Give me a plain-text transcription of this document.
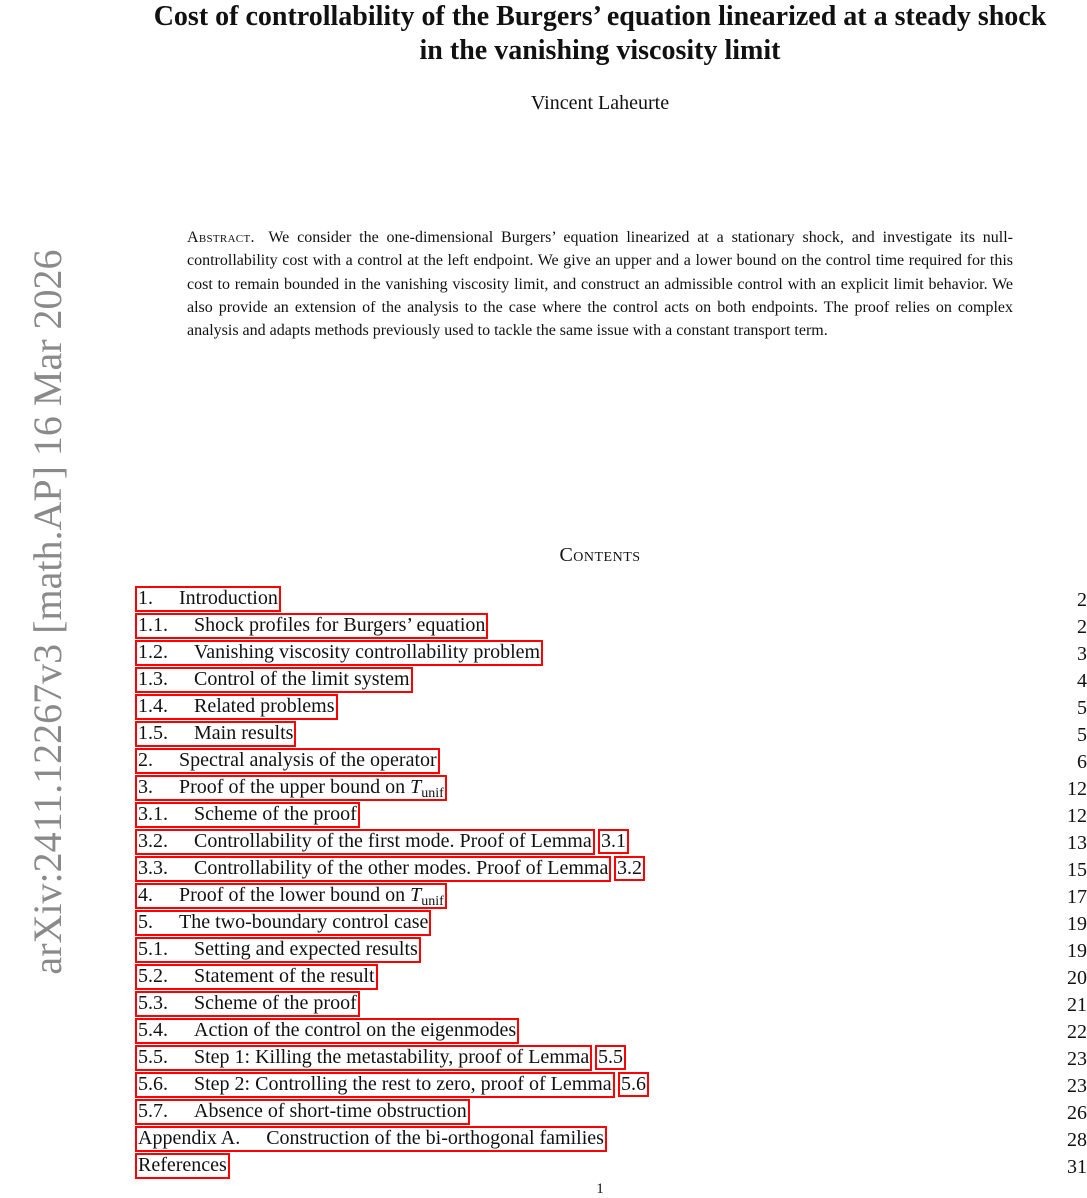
arXiv:2411.12267v3 [math.AP] 16 Mar 2026
Cost of controllability of the Burgers’ equation linearized at a steady shock
in the vanishing viscosity limit
Vincent Laheurte
Abstract. We consider the one-dimensional Burgers’ equation linearized at a stationary shock, and investigate its null-controllability cost with a control at the left endpoint. We give an upper and a lower bound on the control time required for this cost to remain bounded in the vanishing viscosity limit, and construct an admissible control with an explicit limit behavior. We also provide an extension of the analysis to the case where the control acts on both endpoints. The proof relies on complex analysis and adapts methods previously used to tackle the same issue with a constant transport term.
Contents
1. Introduction	2
1.1. Shock profiles for Burgers’ equation	2
1.2. Vanishing viscosity controllability problem	3
1.3. Control of the limit system	4
1.4. Related problems	5
1.5. Main results	5
2. Spectral analysis of the operator	6
3. Proof of the upper bound on $T_{unif}$	12
3.1. Scheme of the proof	12
3.2. Controllability of the first mode. Proof of Lemma 3.1	13
3.3. Controllability of the other modes. Proof of Lemma 3.2	15
4. Proof of the lower bound on $T_{unif}$	17
5. The two-boundary control case	19
5.1. Setting and expected results	19
5.2. Statement of the result	20
5.3. Scheme of the proof	21
5.4. Action of the control on the eigenmodes	22
5.5. Step 1: Killing the metastability, proof of Lemma 5.5	23
5.6. Step 2: Controlling the rest to zero, proof of Lemma 5.6	23
5.7. Absence of short-time obstruction	26
Appendix A. Construction of the bi-orthogonal families	28
References	31
1
